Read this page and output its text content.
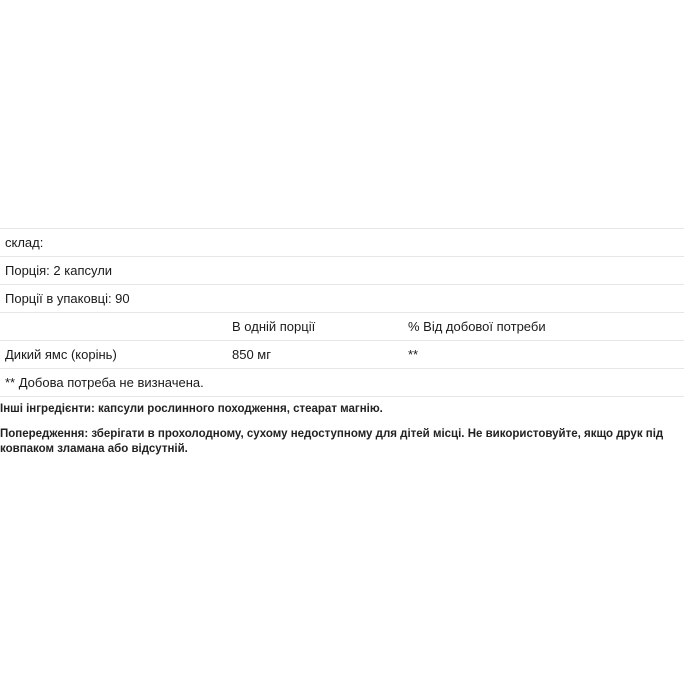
склад:		
Порція: 2 капсули		
Порції в упаковці: 90		
	В одній порції	% Від добової потреби
Дикий ямс (корінь)	850 мг	**
** Добова потреба не визначена.		

Інші інгредієнти: капсули рослинного походження, стеарат магнію.

Попередження: зберігати в прохолодному, сухому недоступному для дітей місці. Не використовуйте, якщо друк під ковпаком зламана або відсутній.
